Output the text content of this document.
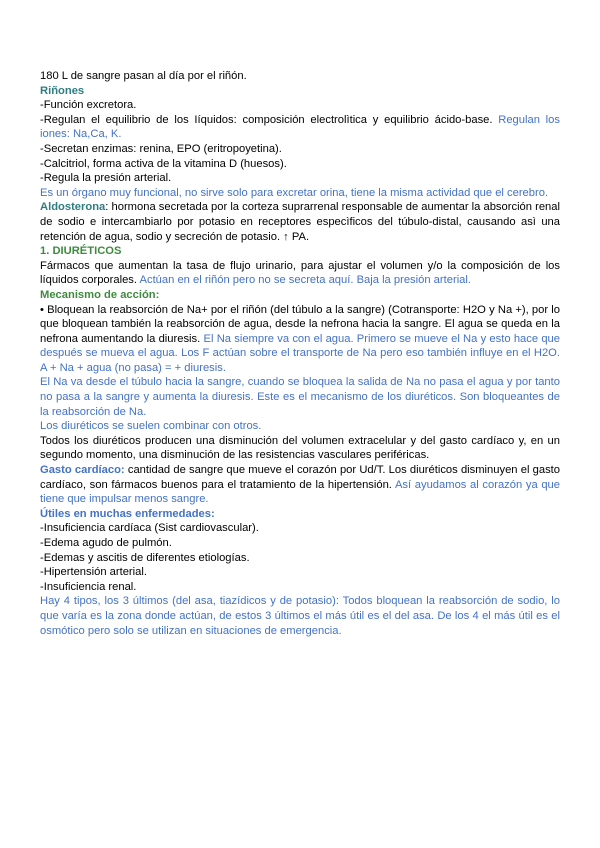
180 L de sangre pasan al día por el riñón.

Riñones

-Función excretora.

-Regulan el equilibrio de los Iíquidos: composición electrolìtica y equilibrio ácido-base. Regulan los iones: Na,Ca, K.

-Secretan enzimas: renina, EPO (eritropoyetina).

-Calcitriol, forma activa de la vitamina D (huesos).

-Regula la presión arterial.

Es un órgano muy funcional, no sirve solo para excretar orina, tiene la misma actividad que el cerebro.

Aldosterona: hormona secretada por la corteza suprarrenal responsable de aumentar la absorción renal de sodio e intercambiarlo por potasio en receptores especìficos del túbulo-distal, causando asì una retención de agua, sodio y secreción de potasio. ↑ PA.

1. DIURÉTICOS

Fármacos que aumentan la tasa de flujo urinario, para ajustar el volumen y/o la composición de los líquidos corporales. Actúan en el riñón pero no se secreta aquí. Baja la presión arterial.

Mecanismo de acción:

• Bloquean la reabsorción de Na+ por el riñón (del túbulo a la sangre) (Cotransporte: H2O y Na +), por lo que bloquean también la reabsorción de agua, desde la nefrona hacia la sangre. El agua se queda en la nefrona aumentando la diuresis. El Na siempre va con el agua. Primero se mueve el Na y esto hace que después se mueva el agua. Los F actúan sobre el transporte de Na pero eso también influye en el H2O. A + Na + agua (no pasa) = + diuresis.

El Na va desde el túbulo hacia la sangre, cuando se bloquea la salida de Na no pasa el agua y por tanto no pasa a la sangre y aumenta la diuresis. Este es el mecanismo de los diuréticos. Son bloqueantes de la reabsorción de Na.

Los diuréticos se suelen combinar con otros.

Todos los diuréticos producen una disminución del volumen extracelular y del gasto cardíaco y, en un segundo momento, una disminución de las resistencias vasculares periféricas.

Gasto cardíaco: cantidad de sangre que mueve el corazón por Ud/T. Los diuréticos disminuyen el gasto cardíaco, son fármacos buenos para el tratamiento de la hipertensión. Así ayudamos al corazón ya que tiene que impulsar menos sangre.

Útiles en muchas enfermedades:

-Insuficiencia cardíaca (Sist cardiovascular).

-Edema agudo de pulmón.

-Edemas y ascitis de diferentes etiologías.

-Hipertensión arterial.

-Insuficiencia renal.

Hay 4 tipos, los 3 últimos (del asa, tiazídicos y de potasio): Todos bloquean la reabsorción de sodio, lo que varía es la zona donde actúan, de estos 3 últimos el más útil es el del asa. De los 4 el más útil es el osmótico pero solo se utilizan en situaciones de emergencia.
